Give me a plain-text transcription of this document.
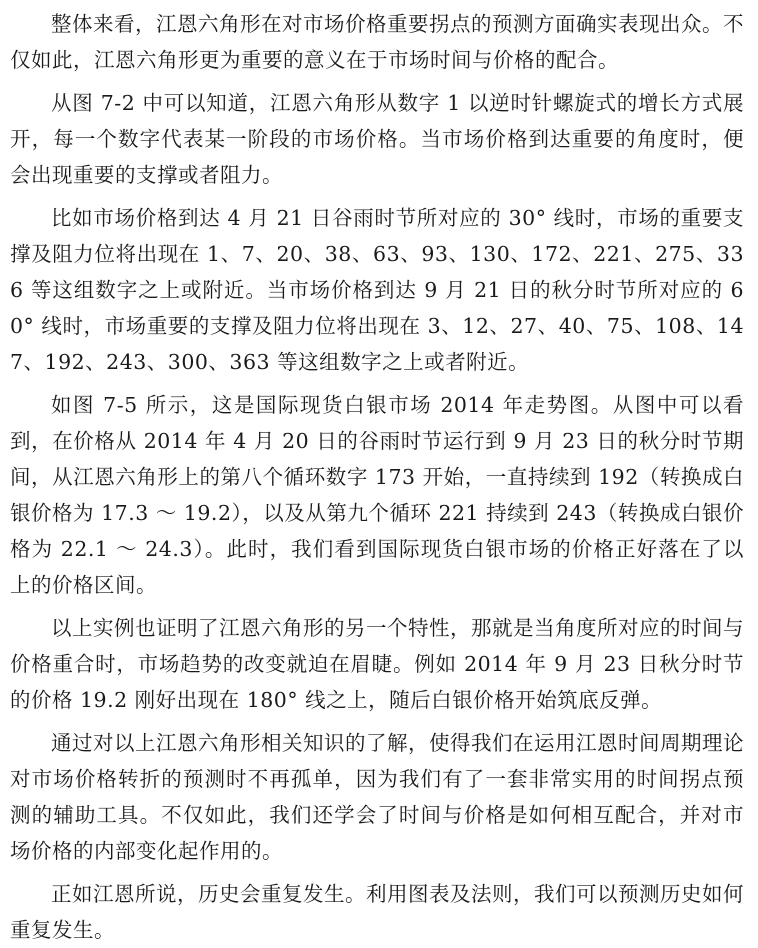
整体来看，江恩六角形在对市场价格重要拐点的预测方面确实表现出众。不仅如此，江恩六角形更为重要的意义在于市场时间与价格的配合。

从图 7-2 中可以知道，江恩六角形从数字 1 以逆时针螺旋式的增长方式展开，每一个数字代表某一阶段的市场价格。当市场价格到达重要的角度时，便会出现重要的支撑或者阻力。

比如市场价格到达 4 月 21 日谷雨时节所对应的 30° 线时，市场的重要支撑及阻力位将出现在 1、7、20、38、63、93、130、172、221、275、336 等这组数字之上或附近。当市场价格到达 9 月 21 日的秋分时节所对应的 60° 线时，市场重要的支撑及阻力位将出现在 3、12、27、40、75、108、147、192、243、300、363 等这组数字之上或者附近。

如图 7-5 所示，这是国际现货白银市场 2014 年走势图。从图中可以看到，在价格从 2014 年 4 月 20 日的谷雨时节运行到 9 月 23 日的秋分时节期间，从江恩六角形上的第八个循环数字 173 开始，一直持续到 192（转换成白银价格为 17.3 ～ 19.2），以及从第九个循环 221 持续到 243（转换成白银价格为 22.1 ～ 24.3）。此时，我们看到国际现货白银市场的价格正好落在了以上的价格区间。

以上实例也证明了江恩六角形的另一个特性，那就是当角度所对应的时间与价格重合时，市场趋势的改变就迫在眉睫。例如 2014 年 9 月 23 日秋分时节的价格 19.2 刚好出现在 180° 线之上，随后白银价格开始筑底反弹。

通过对以上江恩六角形相关知识的了解，使得我们在运用江恩时间周期理论对市场价格转折的预测时不再孤单，因为我们有了一套非常实用的时间拐点预测的辅助工具。不仅如此，我们还学会了时间与价格是如何相互配合，并对市场价格的内部变化起作用的。

正如江恩所说，历史会重复发生。利用图表及法则，我们可以预测历史如何重复发生。
